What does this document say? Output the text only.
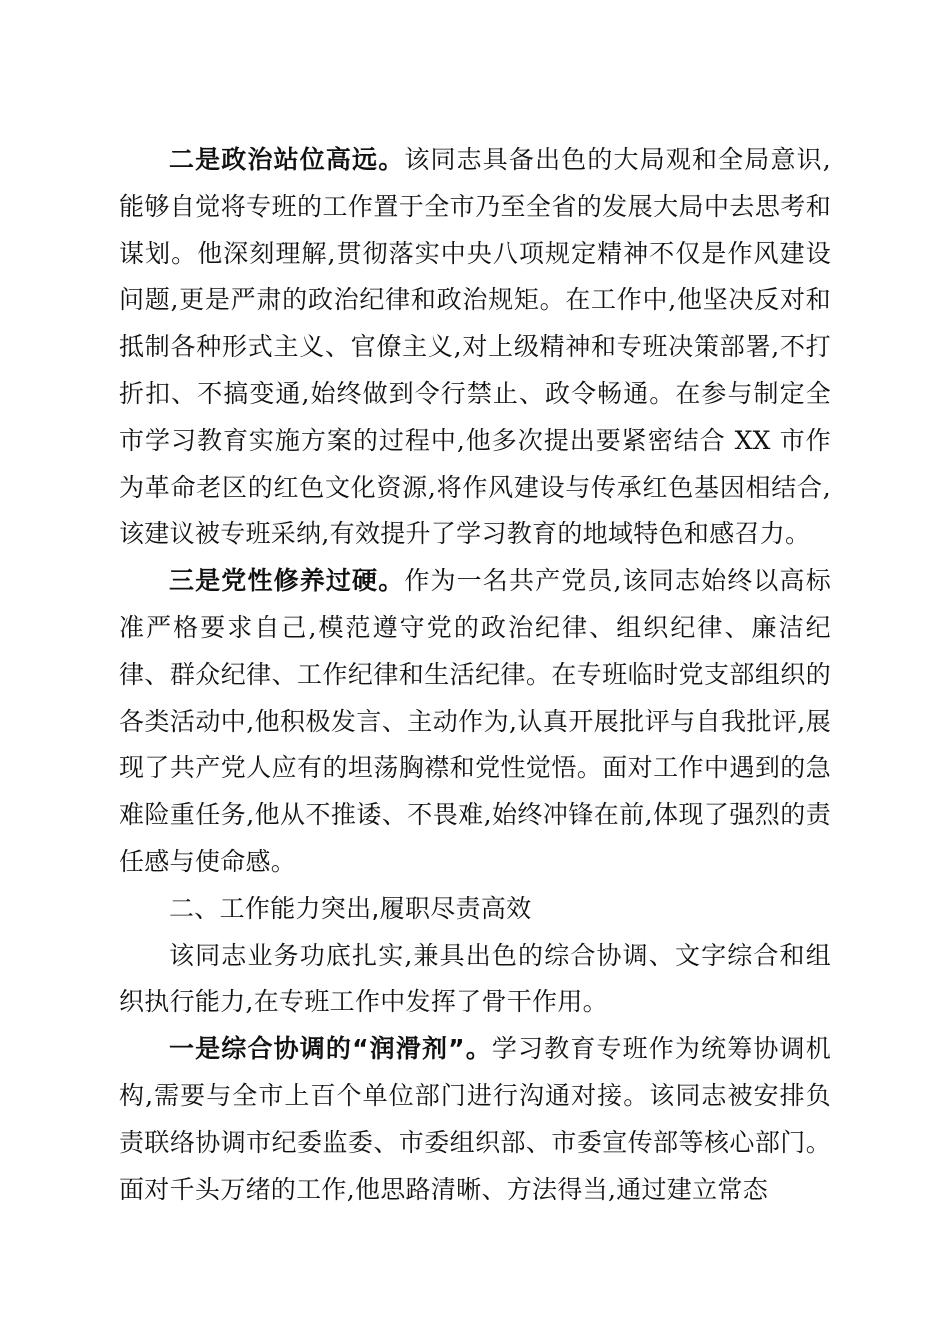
二是政治站位高远。该同志具备出色的大局观和全局意识,能够自觉将专班的工作置于全市乃至全省的发展大局中去思考和谋划。他深刻理解,贯彻落实中央八项规定精神不仅是作风建设问题,更是严肃的政治纪律和政治规矩。在工作中,他坚决反对和抵制各种形式主义、官僚主义,对上级精神和专班决策部署,不打折扣、不搞变通,始终做到令行禁止、政令畅通。在参与制定全市学习教育实施方案的过程中,他多次提出要紧密结合 XX 市作为革命老区的红色文化资源,将作风建设与传承红色基因相结合,该建议被专班采纳,有效提升了学习教育的地域特色和感召力。

三是党性修养过硬。作为一名共产党员,该同志始终以高标准严格要求自己,模范遵守党的政治纪律、组织纪律、廉洁纪律、群众纪律、工作纪律和生活纪律。在专班临时党支部组织的各类活动中,他积极发言、主动作为,认真开展批评与自我批评,展现了共产党人应有的坦荡胸襟和党性觉悟。面对工作中遇到的急难险重任务,他从不推诿、不畏难,始终冲锋在前,体现了强烈的责任感与使命感。

二、工作能力突出,履职尽责高效

该同志业务功底扎实,兼具出色的综合协调、文字综合和组织执行能力,在专班工作中发挥了骨干作用。

一是综合协调的“润滑剂”。学习教育专班作为统筹协调机构,需要与全市上百个单位部门进行沟通对接。该同志被安排负责联络协调市纪委监委、市委组织部、市委宣传部等核心部门。面对千头万绪的工作,他思路清晰、方法得当,通过建立常态
